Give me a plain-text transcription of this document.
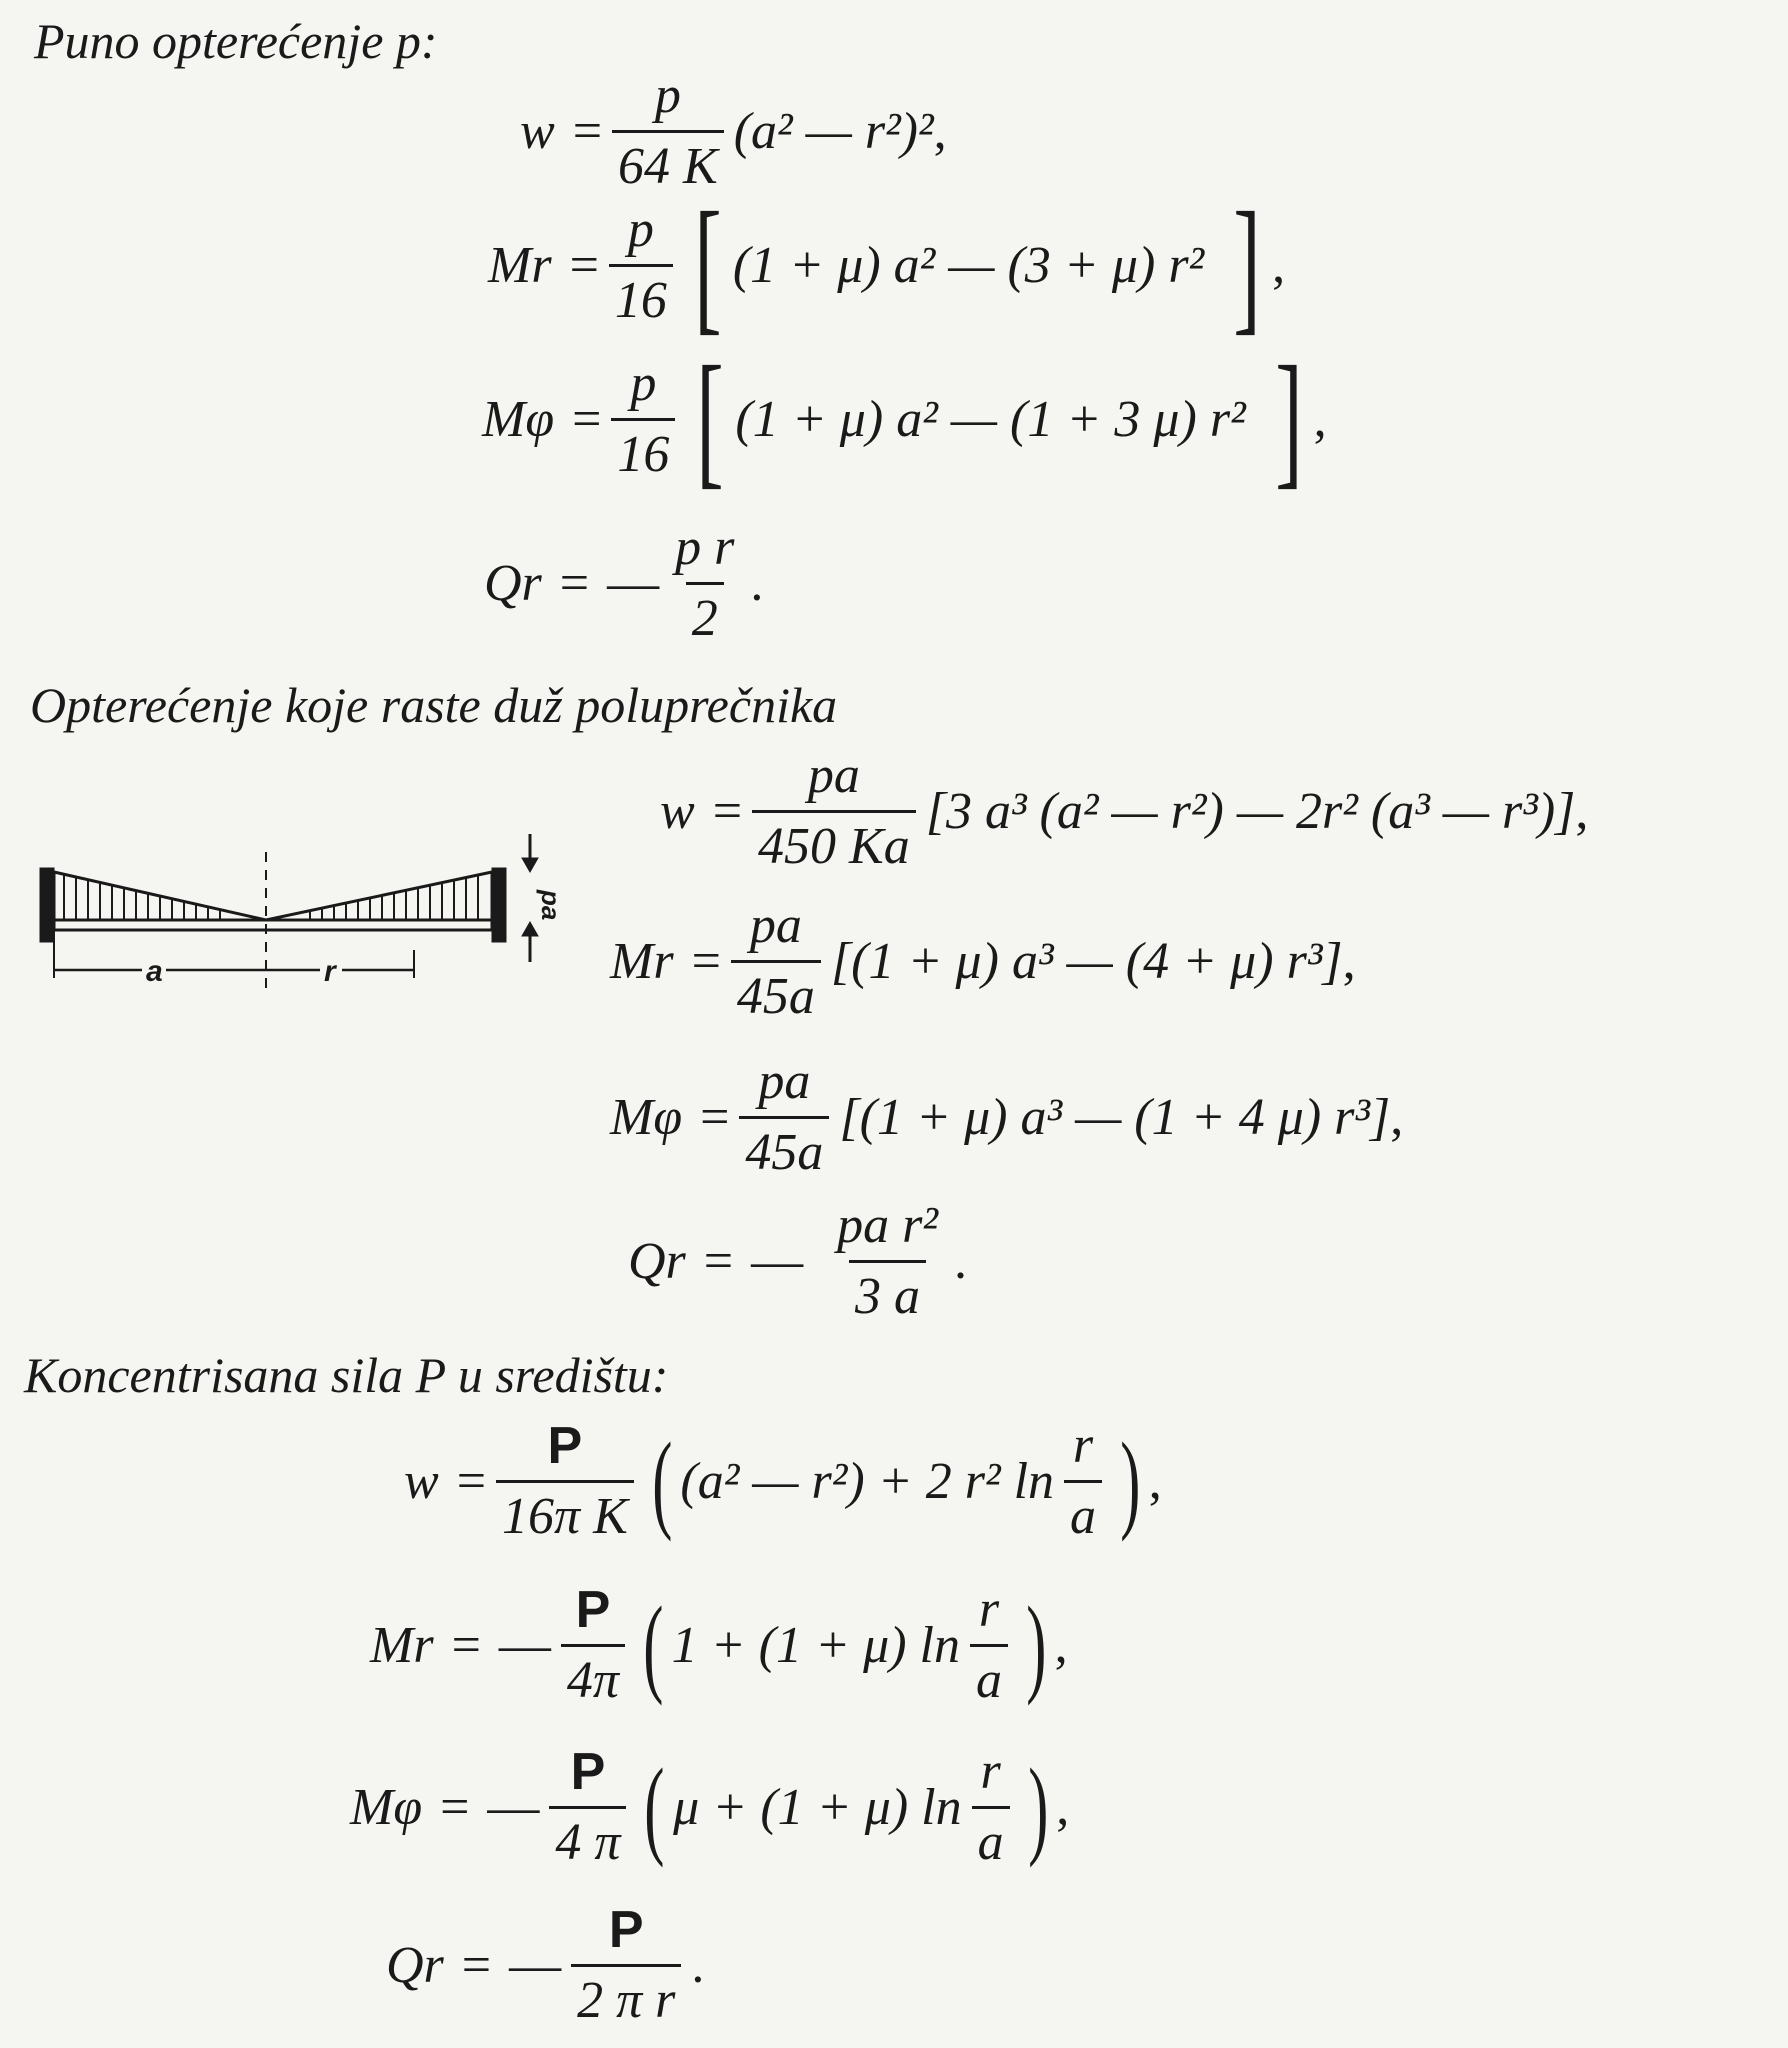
Puno opterećenje p:
$w = \frac{p}{64 K} (a^2$ — r²)² ,
$Mr = \frac{p}{16}$ [ (1 + μ) a² — (3 + μ) r² ] ,
$M\varphi = \frac{p}{16}$ [ (1 + μ) a² — (1 + 3 μ) r² ] ,
Qr = — $\frac{\text{p r}}{2}$ .
Opterećenje koje raste duž poluprečnika
a	r
pa
$w = \frac{pa}{450 Ka} [3$ a³ (a² — r²) — 2r² (a³ — r³)] ,
$Mr = \frac{pa}{45a} [(1 + \mu)$ a³ — (4 + μ) r³] ,
$M\varphi = \frac{pa}{45a} [(1 + \mu)$ a³ — (1 + 4 μ) r³] ,
Qr = — $\frac{\text{pa r²}}{3 a}$ .
Koncentrisana sila P u središtu:
$w = \frac{P}{\text{16π K}}$ ( (a² — r²) + 2 r² $\ln \frac{r}{a}$ ) ,
Mr = — $\frac{P}{4\pi}$ ( 1 + (1 + μ) $\ln \frac{r}{a}$ ) ,
Mφ = — $\frac{P}{4 \pi}$ ( μ + (1 + μ) $\ln \frac{r}{a}$ ) ,
Qr = — $\frac{P}{\text{2 π r}}$ .
